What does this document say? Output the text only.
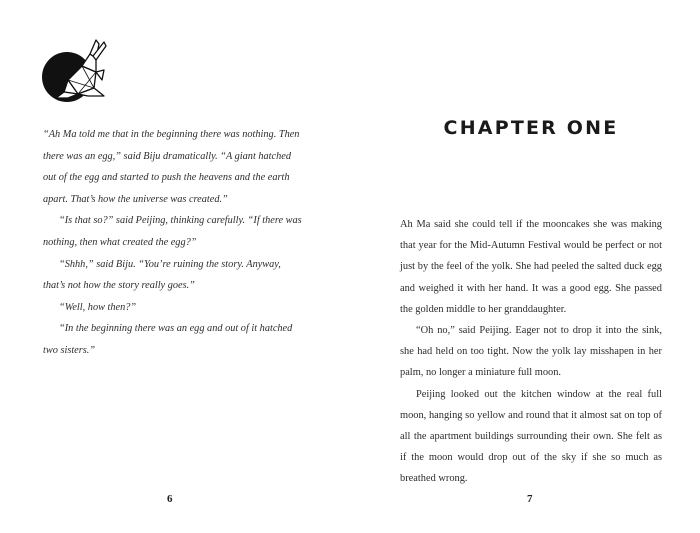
“Ah Ma told me that in the beginning there was nothing. Then there was an egg,” said Biju dramatically. “A giant hatched out of the egg and started to push the heavens and the earth apart. That’s how the universe was created.”

“Is that so?” said Peijing, thinking carefully. “If there was nothing, then what created the egg?”

“Shhh,” said Biju. “You’re ruining the story. Anyway, that’s not how the story really goes.”

“Well, how then?”

“In the beginning there was an egg and out of it hatched two sisters.”

6
CHAPTER ONE

Ah Ma said she could tell if the mooncakes she was making that year for the Mid-Autumn Festival would be perfect or not just by the feel of the yolk. She had peeled the salted duck egg and weighed it with her hand. It was a good egg. She passed the golden middle to her granddaughter.

“Oh no,” said Peijing. Eager not to drop it into the sink, she had held on too tight. Now the yolk lay misshapen in her palm, no longer a miniature full moon.

Peijing looked out the kitchen window at the real full moon, hanging so yellow and round that it almost sat on top of all the apartment buildings surrounding their own. She felt as if the moon would drop out of the sky if she so much as breathed wrong.

7
